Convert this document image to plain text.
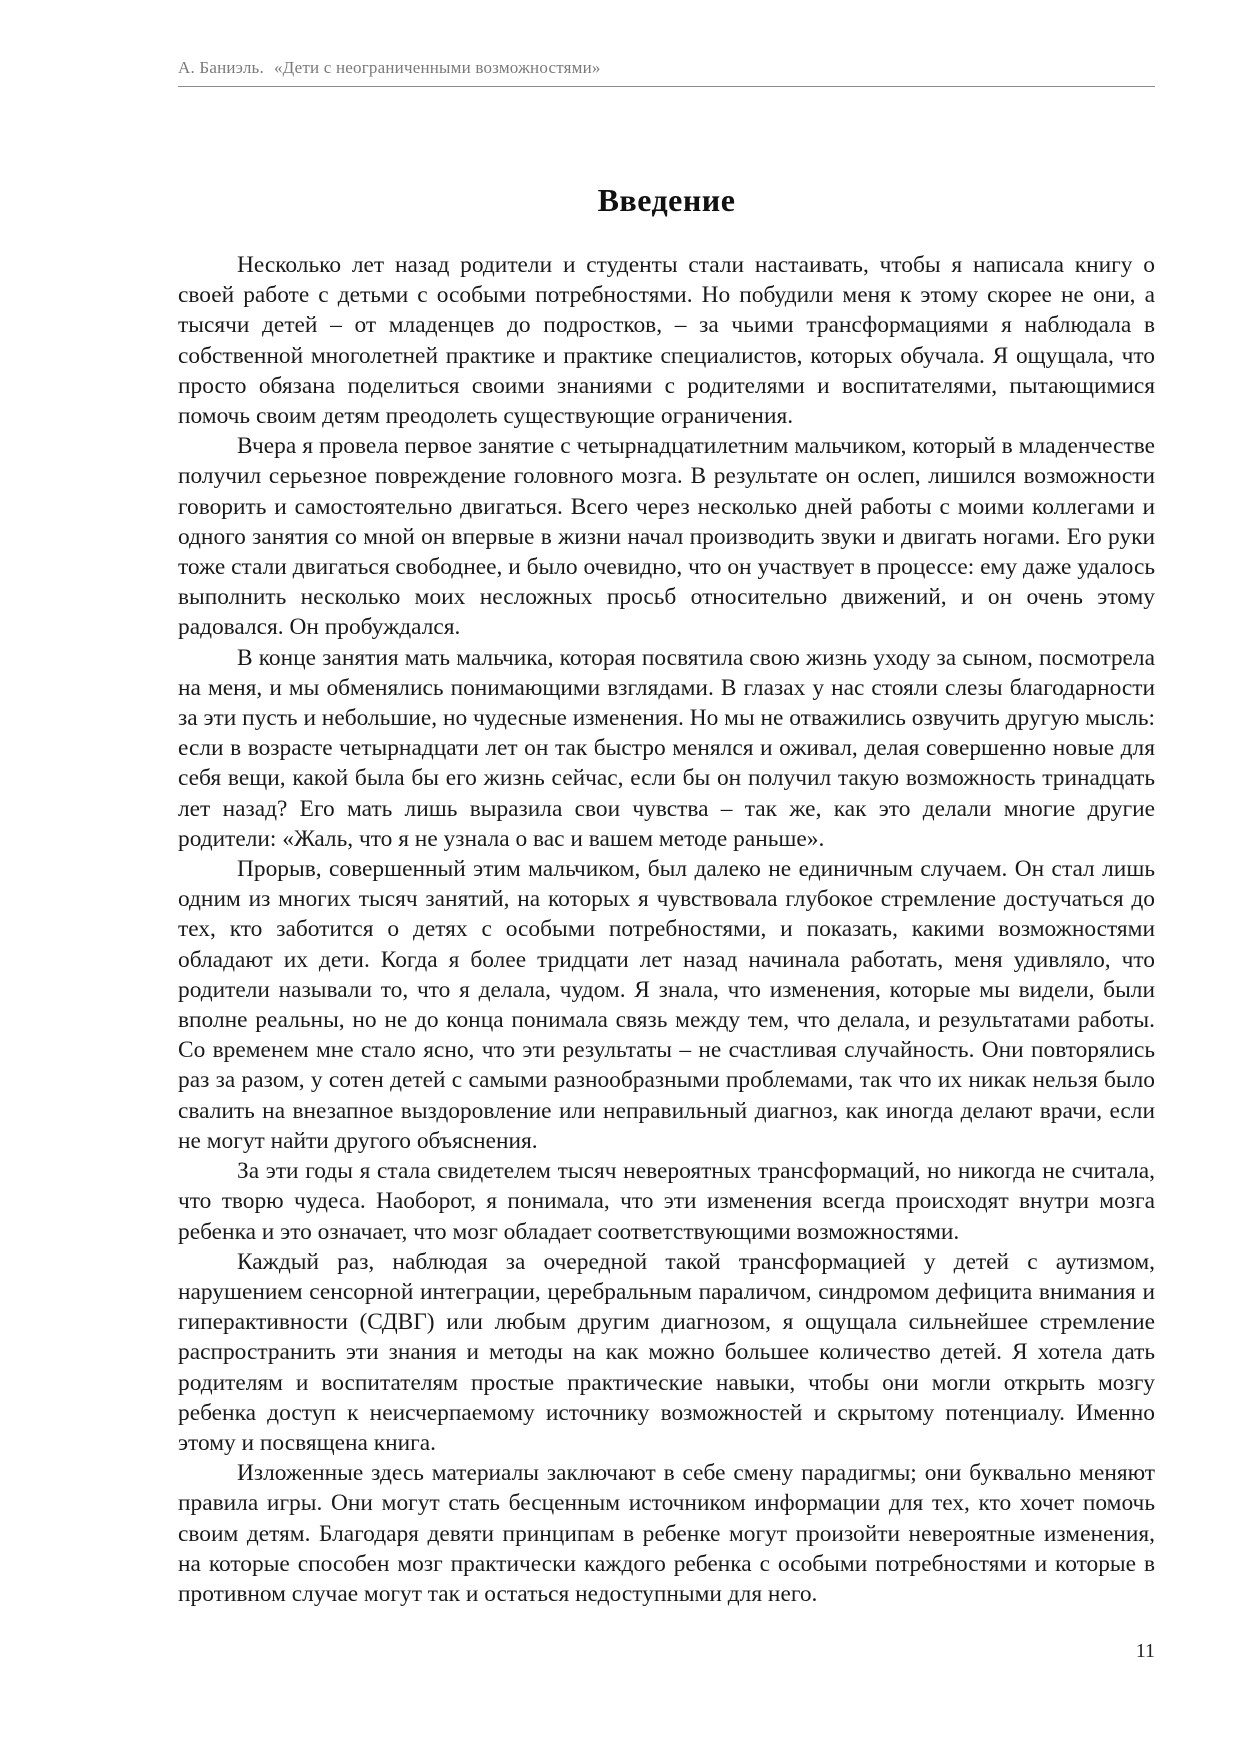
А. Баниэль. «Дети с неограниченными возможностями»
Введение

Несколько лет назад родители и студенты стали настаивать, чтобы я написала книгу о своей работе с детьми с особыми потребностями. Но побудили меня к этому скорее не они, а тысячи детей – от младенцев до подростков, – за чьими трансформациями я наблюдала в собственной многолетней практике и практике специалистов, которых обучала. Я ощущала, что просто обязана поделиться своими знаниями с родителями и воспитателями, пытающимися помочь своим детям преодолеть существующие ограничения.

Вчера я провела первое занятие с четырнадцатилетним мальчиком, который в младенчестве получил серьезное повреждение головного мозга. В результате он ослеп, лишился возможности говорить и самостоятельно двигаться. Всего через несколько дней работы с моими коллегами и одного занятия со мной он впервые в жизни начал производить звуки и двигать ногами. Его руки тоже стали двигаться свободнее, и было очевидно, что он участвует в процессе: ему даже удалось выполнить несколько моих несложных просьб относительно движений, и он очень этому радовался. Он пробуждался.

В конце занятия мать мальчика, которая посвятила свою жизнь уходу за сыном, посмотрела на меня, и мы обменялись понимающими взглядами. В глазах у нас стояли слезы благодарности за эти пусть и небольшие, но чудесные изменения. Но мы не отважились озвучить другую мысль: если в возрасте четырнадцати лет он так быстро менялся и оживал, делая совершенно новые для себя вещи, какой была бы его жизнь сейчас, если бы он получил такую возможность тринадцать лет назад? Его мать лишь выразила свои чувства – так же, как это делали многие другие родители: «Жаль, что я не узнала о вас и вашем методе раньше».

Прорыв, совершенный этим мальчиком, был далеко не единичным случаем. Он стал лишь одним из многих тысяч занятий, на которых я чувствовала глубокое стремление достучаться до тех, кто заботится о детях с особыми потребностями, и показать, какими возможностями обладают их дети. Когда я более тридцати лет назад начинала работать, меня удивляло, что родители называли то, что я делала, чудом. Я знала, что изменения, которые мы видели, были вполне реальны, но не до конца понимала связь между тем, что делала, и результатами работы. Со временем мне стало ясно, что эти результаты – не счастливая случайность. Они повторялись раз за разом, у сотен детей с самыми разнообразными проблемами, так что их никак нельзя было свалить на внезапное выздоровление или неправильный диагноз, как иногда делают врачи, если не могут найти другого объяснения.

За эти годы я стала свидетелем тысяч невероятных трансформаций, но никогда не считала, что творю чудеса. Наоборот, я понимала, что эти изменения всегда происходят внутри мозга ребенка и это означает, что мозг обладает соответствующими возможностями.

Каждый раз, наблюдая за очередной такой трансформацией у детей с аутизмом, нарушением сенсорной интеграции, церебральным параличом, синдромом дефицита внимания и гиперактивности (СДВГ) или любым другим диагнозом, я ощущала сильнейшее стремление распространить эти знания и методы на как можно большее количество детей. Я хотела дать родителям и воспитателям простые практические навыки, чтобы они могли открыть мозгу ребенка доступ к неисчерпаемому источнику возможностей и скрытому потенциалу. Именно этому и посвящена книга.

Изложенные здесь материалы заключают в себе смену парадигмы; они буквально меняют правила игры. Они могут стать бесценным источником информации для тех, кто хочет помочь своим детям. Благодаря девяти принципам в ребенке могут произойти невероятные изменения, на которые способен мозг практически каждого ребенка с особыми потребностями и которые в противном случае могут так и остаться недоступными для него.

11
